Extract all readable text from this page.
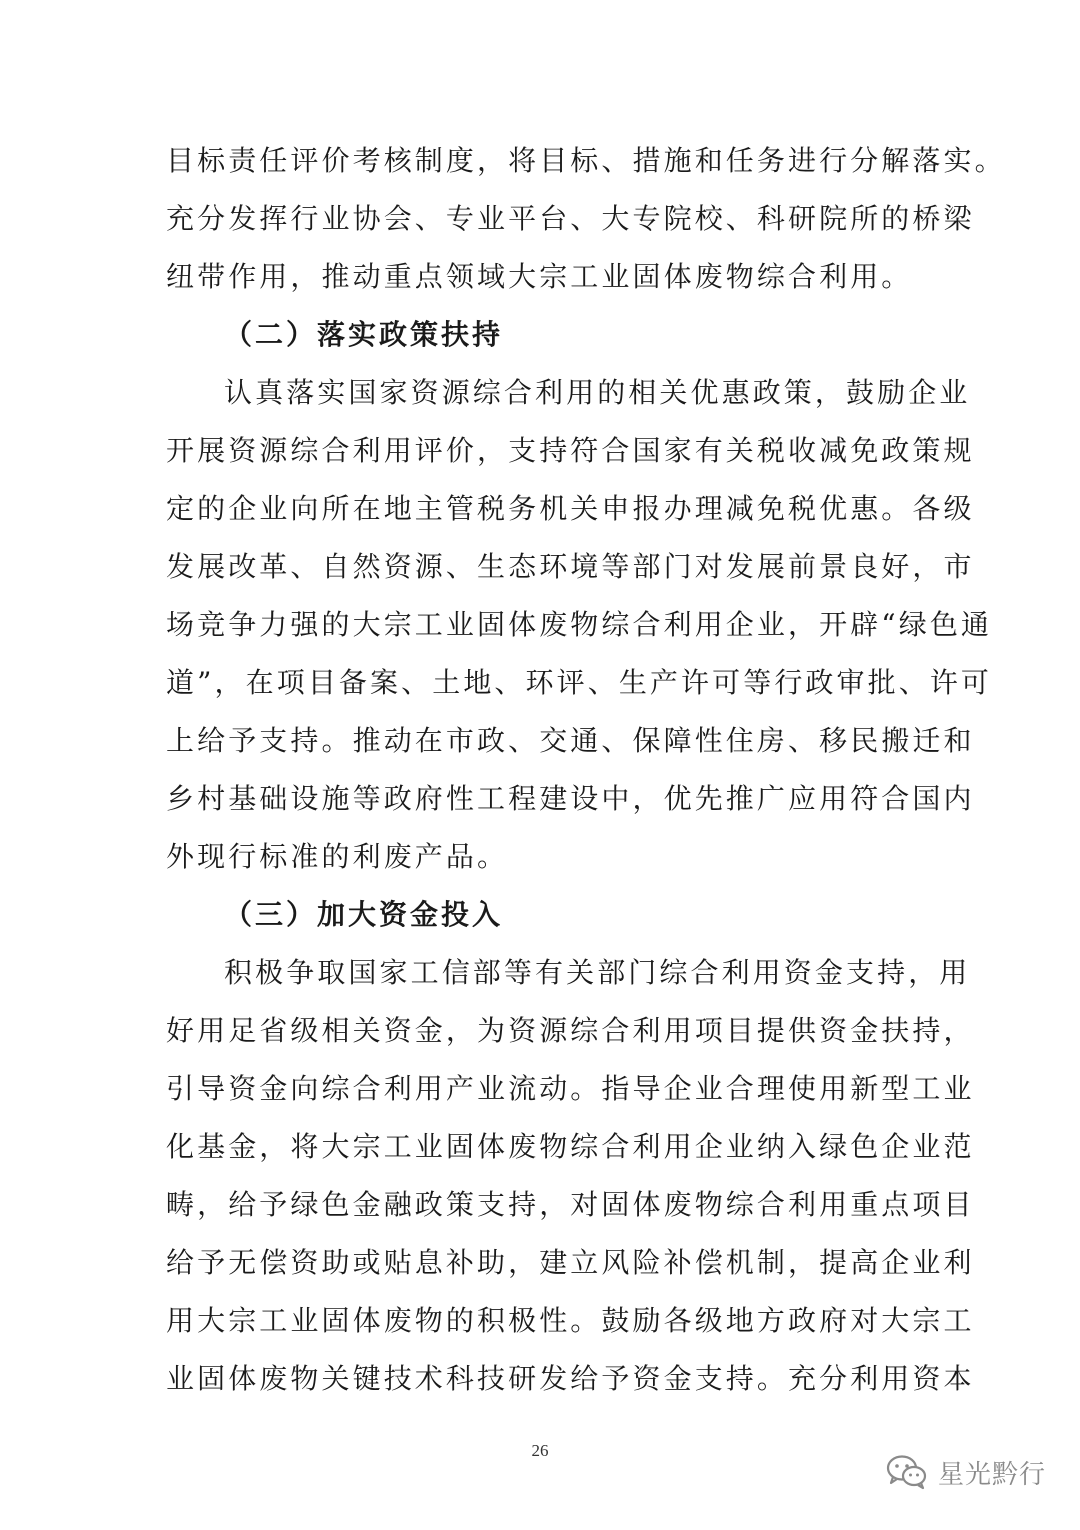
目标责任评价考核制度，将目标、措施和任务进行分解落实。
充分发挥行业协会、专业平台、大专院校、科研院所的桥梁
纽带作用，推动重点领域大宗工业固体废物综合利用。
（二）落实政策扶持
认真落实国家资源综合利用的相关优惠政策，鼓励企业
开展资源综合利用评价，支持符合国家有关税收减免政策规
定的企业向所在地主管税务机关申报办理减免税优惠。各级
发展改革、自然资源、生态环境等部门对发展前景良好，市
场竞争力强的大宗工业固体废物综合利用企业，开辟“绿色通
道”，在项目备案、土地、环评、生产许可等行政审批、许可
上给予支持。推动在市政、交通、保障性住房、移民搬迁和
乡村基础设施等政府性工程建设中，优先推广应用符合国内
外现行标准的利废产品。
（三）加大资金投入
积极争取国家工信部等有关部门综合利用资金支持，用
好用足省级相关资金，为资源综合利用项目提供资金扶持，
引导资金向综合利用产业流动。指导企业合理使用新型工业
化基金，将大宗工业固体废物综合利用企业纳入绿色企业范
畴，给予绿色金融政策支持，对固体废物综合利用重点项目
给予无偿资助或贴息补助，建立风险补偿机制，提高企业利
用大宗工业固体废物的积极性。鼓励各级地方政府对大宗工
业固体废物关键技术科技研发给予资金支持。充分利用资本
26
星光黔行
